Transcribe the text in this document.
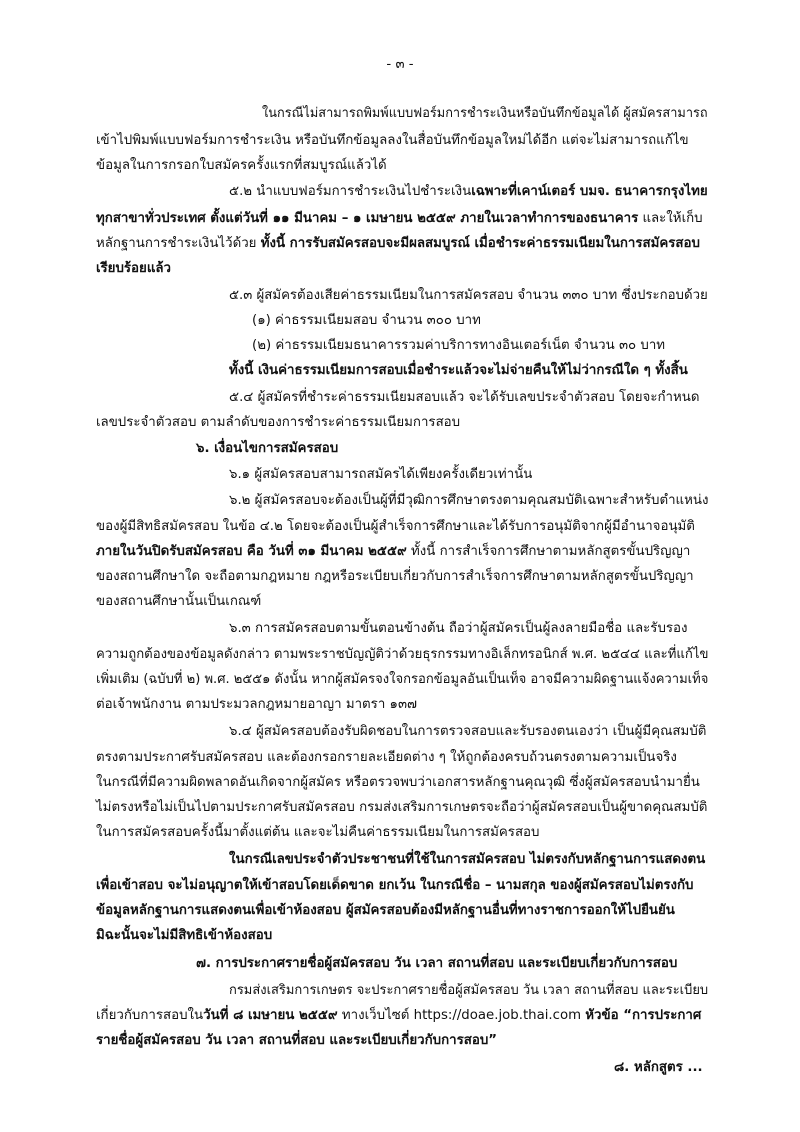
- ๓ -
ในกรณีไม่สามารถพิมพ์แบบฟอร์มการชำระเงินหรือบันทึกข้อมูลได้ ผู้สมัครสามารถ
เข้าไปพิมพ์แบบฟอร์มการชำระเงิน หรือบันทึกข้อมูลลงในสื่อบันทึกข้อมูลใหม่ได้อีก แต่จะไม่สามารถแก้ไข
ข้อมูลในการกรอกใบสมัครครั้งแรกที่สมบูรณ์แล้วได้
๕.๒ นำแบบฟอร์มการชำระเงินไปชำระเงินเฉพาะที่เคาน์เตอร์ บมจ. ธนาคารกรุงไทย
ทุกสาขาทั่วประเทศ ตั้งแต่วันที่ ๑๑ มีนาคม – ๑ เมษายน ๒๕๕๙ ภายในเวลาทำการของธนาคาร และให้เก็บ
หลักฐานการชำระเงินไว้ด้วย ทั้งนี้ การรับสมัครสอบจะมีผลสมบูรณ์ เมื่อชำระค่าธรรมเนียมในการสมัครสอบ
เรียบร้อยแล้ว
๕.๓ ผู้สมัครต้องเสียค่าธรรมเนียมในการสมัครสอบ จำนวน ๓๓๐ บาท ซึ่งประกอบด้วย
(๑) ค่าธรรมเนียมสอบ จำนวน ๓๐๐ บาท
(๒) ค่าธรรมเนียมธนาคารรวมค่าบริการทางอินเตอร์เน็ต จำนวน ๓๐ บาท
ทั้งนี้ เงินค่าธรรมเนียมการสอบเมื่อชำระแล้วจะไม่จ่ายคืนให้ไม่ว่ากรณีใด ๆ ทั้งสิ้น
๕.๔ ผู้สมัครที่ชำระค่าธรรมเนียมสอบแล้ว จะได้รับเลขประจำตัวสอบ โดยจะกำหนด
เลขประจำตัวสอบ ตามลำดับของการชำระค่าธรรมเนียมการสอบ
๖. เงื่อนไขการสมัครสอบ
๖.๑ ผู้สมัครสอบสามารถสมัครได้เพียงครั้งเดียวเท่านั้น
๖.๒ ผู้สมัครสอบจะต้องเป็นผู้ที่มีวุฒิการศึกษาตรงตามคุณสมบัติเฉพาะสำหรับตำแหน่ง
ของผู้มีสิทธิสมัครสอบ ในข้อ ๔.๒ โดยจะต้องเป็นผู้สำเร็จการศึกษาและได้รับการอนุมัติจากผู้มีอำนาจอนุมัติ
ภายในวันปิดรับสมัครสอบ คือ วันที่ ๓๑ มีนาคม ๒๕๕๙ ทั้งนี้ การสำเร็จการศึกษาตามหลักสูตรขั้นปริญญา
ของสถานศึกษาใด จะถือตามกฎหมาย กฎหรือระเบียบเกี่ยวกับการสำเร็จการศึกษาตามหลักสูตรขั้นปริญญา
ของสถานศึกษานั้นเป็นเกณฑ์
๖.๓ การสมัครสอบตามขั้นตอนข้างต้น ถือว่าผู้สมัครเป็นผู้ลงลายมือชื่อ และรับรอง
ความถูกต้องของข้อมูลดังกล่าว ตามพระราชบัญญัติว่าด้วยธุรกรรมทางอิเล็กทรอนิกส์ พ.ศ. ๒๕๔๔ และที่แก้ไข
เพิ่มเติม (ฉบับที่ ๒) พ.ศ. ๒๕๕๑ ดังนั้น หากผู้สมัครจงใจกรอกข้อมูลอันเป็นเท็จ อาจมีความผิดฐานแจ้งความเท็จ
ต่อเจ้าพนักงาน ตามประมวลกฎหมายอาญา มาตรา ๑๓๗
๖.๔ ผู้สมัครสอบต้องรับผิดชอบในการตรวจสอบและรับรองตนเองว่า เป็นผู้มีคุณสมบัติ
ตรงตามประกาศรับสมัครสอบ และต้องกรอกรายละเอียดต่าง ๆ ให้ถูกต้องครบถ้วนตรงตามความเป็นจริง
ในกรณีที่มีความผิดพลาดอันเกิดจากผู้สมัคร หรือตรวจพบว่าเอกสารหลักฐานคุณวุฒิ ซึ่งผู้สมัครสอบนำมายื่น
ไม่ตรงหรือไม่เป็นไปตามประกาศรับสมัครสอบ กรมส่งเสริมการเกษตรจะถือว่าผู้สมัครสอบเป็นผู้ขาดคุณสมบัติ
ในการสมัครสอบครั้งนี้มาตั้งแต่ต้น และจะไม่คืนค่าธรรมเนียมในการสมัครสอบ
ในกรณีเลขประจำตัวประชาชนที่ใช้ในการสมัครสอบ ไม่ตรงกับหลักฐานการแสดงตน
เพื่อเข้าสอบ จะไม่อนุญาตให้เข้าสอบโดยเด็ดขาด ยกเว้น ในกรณีชื่อ – นามสกุล ของผู้สมัครสอบไม่ตรงกับ
ข้อมูลหลักฐานการแสดงตนเพื่อเข้าห้องสอบ ผู้สมัครสอบต้องมีหลักฐานอื่นที่ทางราชการออกให้ไปยืนยัน
มิฉะนั้นจะไม่มีสิทธิเข้าห้องสอบ
๗. การประกาศรายชื่อผู้สมัครสอบ วัน เวลา สถานที่สอบ และระเบียบเกี่ยวกับการสอบ
กรมส่งเสริมการเกษตร จะประกาศรายชื่อผู้สมัครสอบ วัน เวลา สถานที่สอบ และระเบียบ
เกี่ยวกับการสอบในวันที่ ๘ เมษายน ๒๕๕๙ ทางเว็บไซต์ https://doae.job.thai.com หัวข้อ “การประกาศ
รายชื่อผู้สมัครสอบ วัน เวลา สถานที่สอบ และระเบียบเกี่ยวกับการสอบ”
๘. หลักสูตร ...
